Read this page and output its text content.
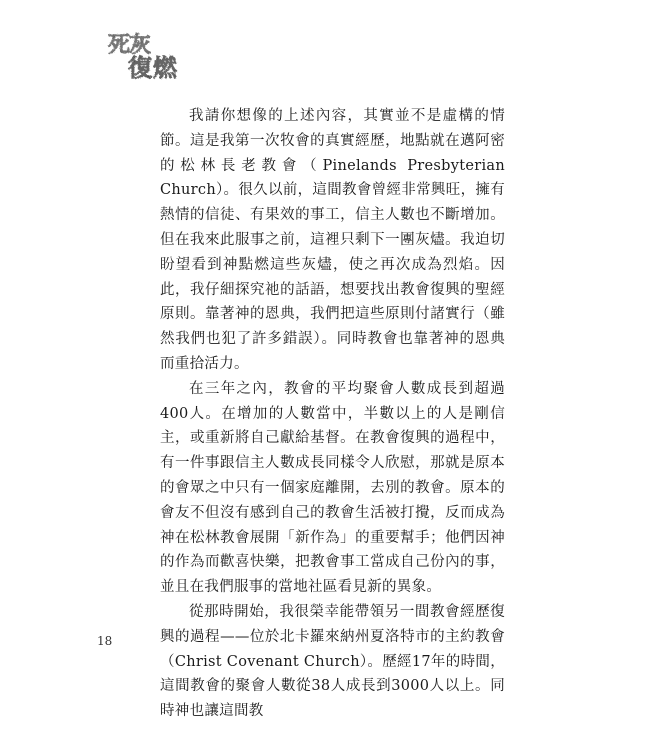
死灰
復燃

我請你想像的上述內容，其實並不是虛構的情節。這是我第一次牧會的真實經歷，地點就在邁阿密的松林長老教會（Pinelands Presbyterian Church）。很久以前，這間教會曾經非常興旺，擁有熱情的信徒、有果效的事工，信主人數也不斷增加。但在我來此服事之前，這裡只剩下一團灰燼。我迫切盼望看到神點燃這些灰燼，使之再次成為烈焰。因此，我仔細探究祂的話語，想要找出教會復興的聖經原則。靠著神的恩典，我們把這些原則付諸實行（雖然我們也犯了許多錯誤）。同時教會也靠著神的恩典而重拾活力。

在三年之內，教會的平均聚會人數成長到超過400人。在增加的人數當中，半數以上的人是剛信主，或重新將自己獻給基督。在教會復興的過程中，有一件事跟信主人數成長同樣令人欣慰，那就是原本的會眾之中只有一個家庭離開，去別的教會。原本的會友不但沒有感到自己的教會生活被打攪，反而成為神在松林教會展開「新作為」的重要幫手；他們因神的作為而歡喜快樂，把教會事工當成自己份內的事，並且在我們服事的當地社區看見新的異象。

從那時開始，我很榮幸能帶領另一間教會經歷復興的過程——位於北卡羅來納州夏洛特市的主約教會（Christ Covenant Church）。歷經17年的時間，這間教會的聚會人數從38人成長到3000人以上。同時神也讓這間教

18
